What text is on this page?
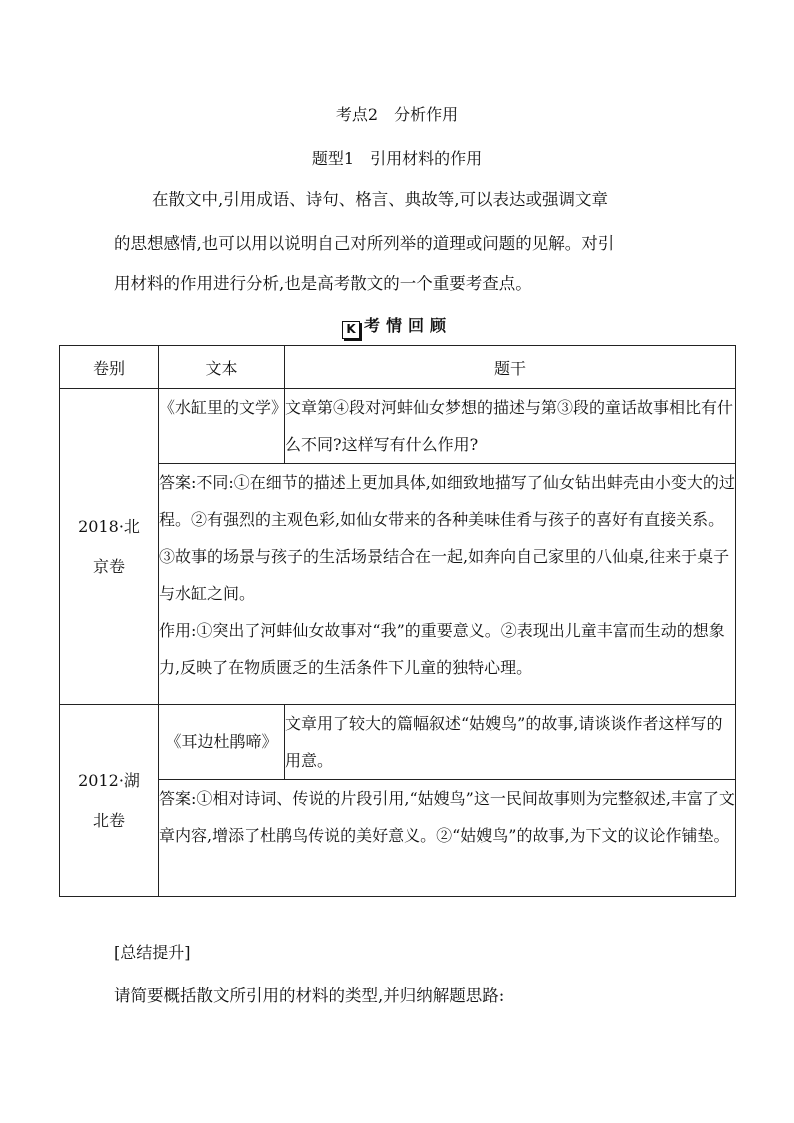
考点2　分析作用
题型1　引用材料的作用
在散文中,引用成语、诗句、格言、典故等,可以表达或强调文章
的思想感情,也可以用以说明自己对所列举的道理或问题的见解。对引
用材料的作用进行分析,也是高考散文的一个重要考查点。
K 考情回顾
卷别	文本	题干

2018·北
京卷	《水缸里的文学》	文章第④段对河蚌仙女梦想的描述与第③段的童话故事相比有什么不同?这样写有什么作用?

	答案:不同:①在细节的描述上更加具体,如细致地描写了仙女钻出蚌壳由小变大的过程。②有强烈的主观色彩,如仙女带来的各种美味佳肴与孩子的喜好有直接关系。③故事的场景与孩子的生活场景结合在一起,如奔向自己家里的八仙桌,往来于桌子与水缸之间。
作用:①突出了河蚌仙女故事对“我”的重要意义。②表现出儿童丰富而生动的想象力,反映了在物质匮乏的生活条件下儿童的独特心理。	

2012·湖
北卷	《耳边杜鹃啼》	文章用了较大的篇幅叙述“姑嫂鸟”的故事,请谈谈作者这样写的用意。

	答案:①相对诗词、传说的片段引用,“姑嫂鸟”这一民间故事则为完整叙述,丰富了文章内容,增添了杜鹃鸟传说的美好意义。②“姑嫂鸟”的故事,为下文的议论作铺垫。	
[总结提升]
请简要概括散文所引用的材料的类型,并归纳解题思路:
